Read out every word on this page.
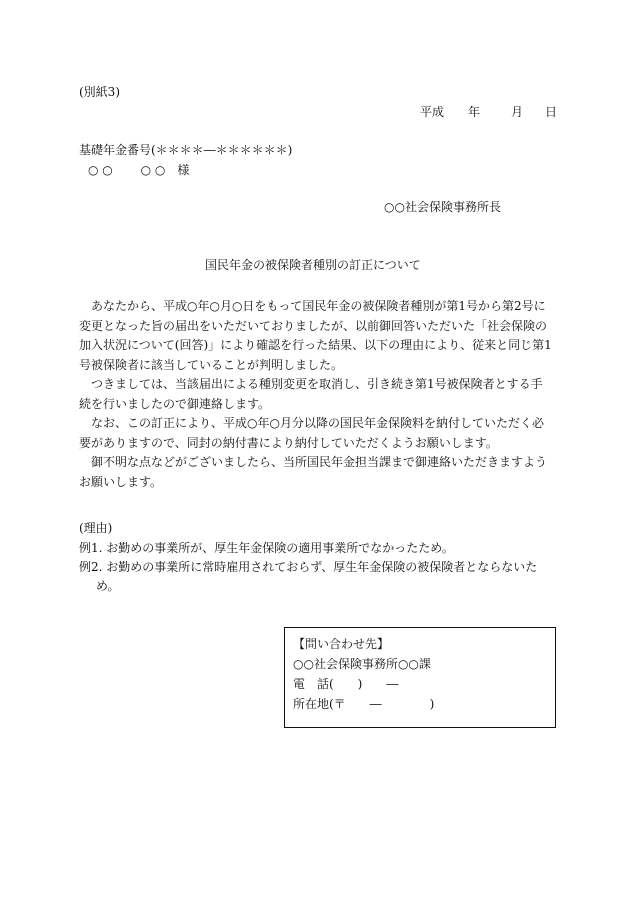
(別紙3)
平成 年	月 日
基礎年金番号(＊＊＊＊―＊＊＊＊＊＊)
○ ○　 　○ ○　様
○○社会保険事務所長
国民年金の被保険者種別の訂正について

あなたから、平成○年○月○日をもって国民年金の被保険者種別が第1号から第2号に変更となった旨の届出をいただいておりましたが、以前御回答いただいた「社会保険の加入状況について(回答)」により確認を行った結果、以下の理由により、従来と同じ第1号被保険者に該当していることが判明しました。

つきましては、当該届出による種別変更を取消し、引き続き第1号被保険者とする手続を行いましたので御連絡します。

なお、この訂正により、平成○年○月分以降の国民年金保険料を納付していただく必要がありますので、同封の納付書により納付していただくようお願いします。

御不明な点などがございましたら、当所国民年金担当課まで御連絡いただきますようお願いします。

(理由)
例1. お勤めの事業所が、厚生年金保険の適用事業所でなかったため。
例2. お勤めの事業所に常時雇用されておらず、厚生年金保険の被保険者とならないた
め。
【問い合わせ先】
○○社会保険事務所○○課
電　話(　　)　　―
所在地(〒　　―　　　　)
